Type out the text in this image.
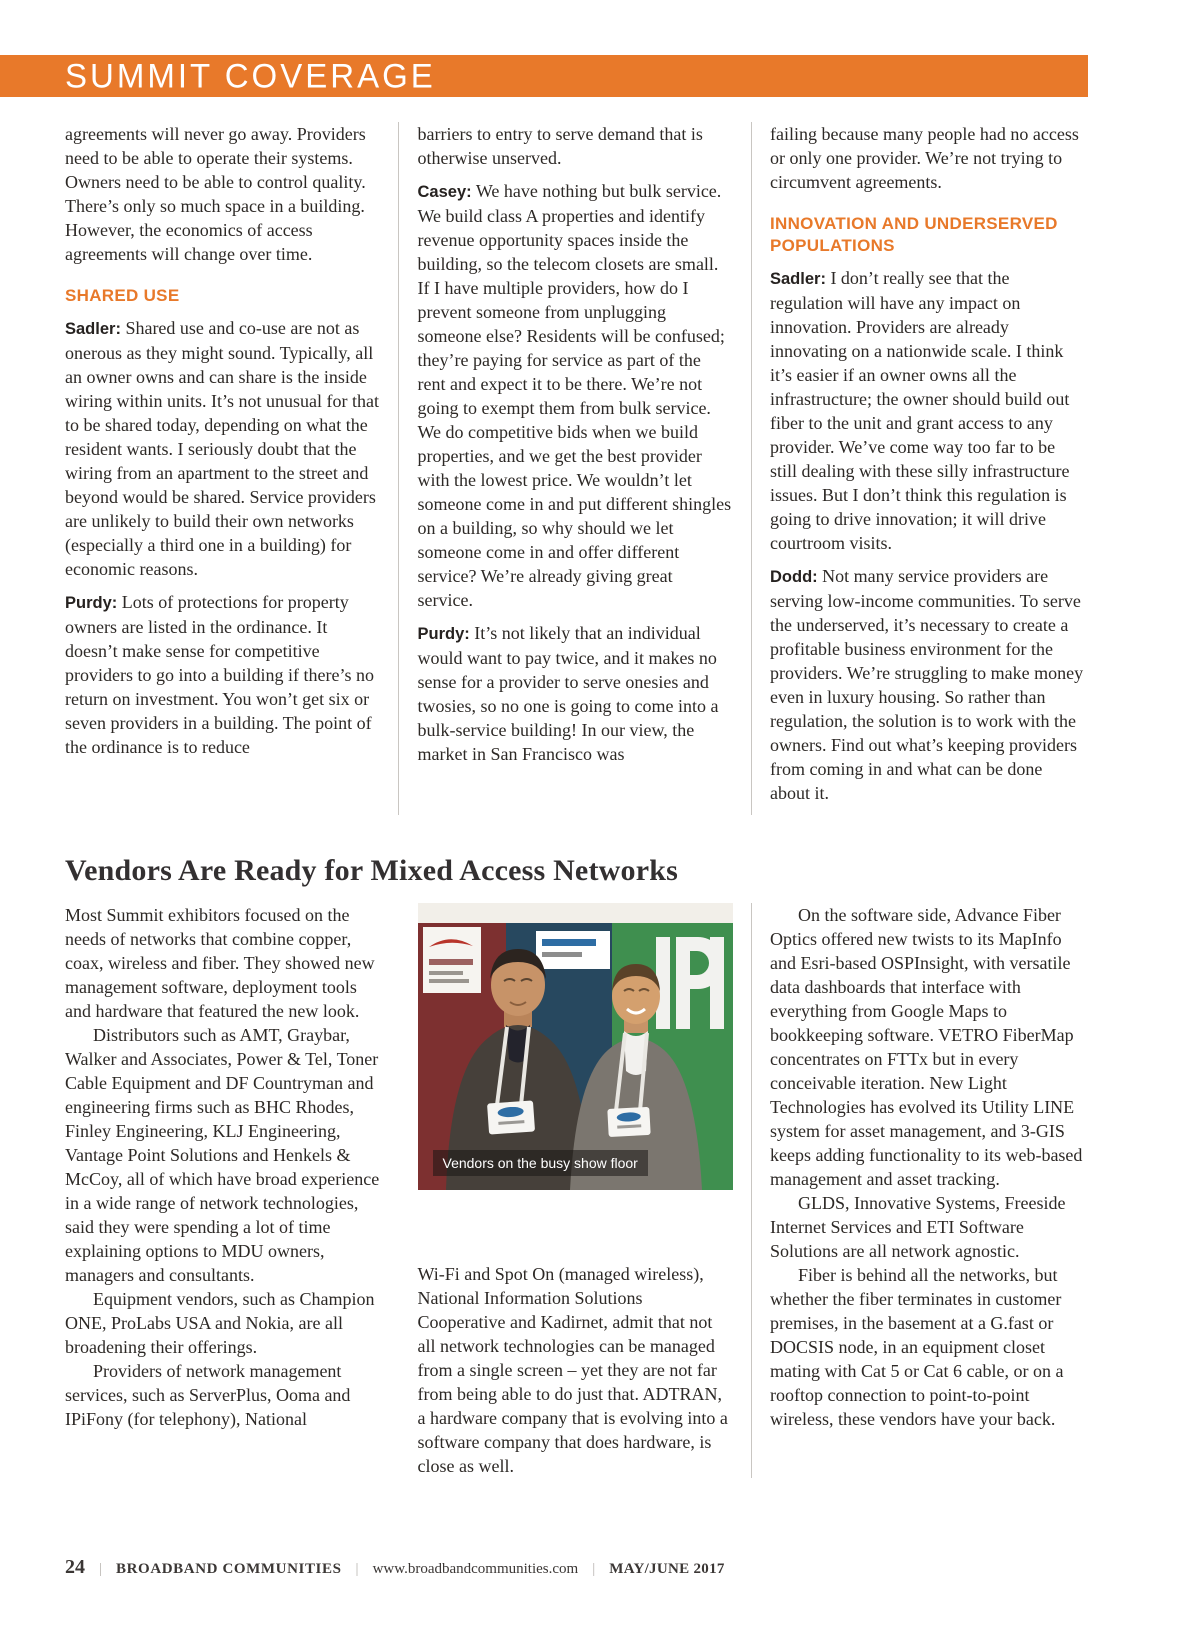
SUMMIT COVERAGE

agreements will never go away. Providers need to be able to operate their systems. Owners need to be able to control quality. There’s only so much space in a building. However, the economics of access agreements will change over time.

SHARED USE

Sadler: Shared use and co-use are not as onerous as they might sound. Typically, all an owner owns and can share is the inside wiring within units. It’s not unusual for that to be shared today, depending on what the resident wants. I seriously doubt that the wiring from an apartment to the street and beyond would be shared. Service providers are unlikely to build their own networks (especially a third one in a building) for economic reasons.

Purdy: Lots of protections for property owners are listed in the ordinance. It doesn’t make sense for competitive providers to go into a building if there’s no return on investment. You won’t get six or seven providers in a building. The point of the ordinance is to reduce

barriers to entry to serve demand that is otherwise unserved.

Casey: We have nothing but bulk service. We build class A properties and identify revenue opportunity spaces inside the building, so the telecom closets are small. If I have multiple providers, how do I prevent someone from unplugging someone else? Residents will be confused; they’re paying for service as part of the rent and expect it to be there. We’re not going to exempt them from bulk service. We do competitive bids when we build properties, and we get the best provider with the lowest price. We wouldn’t let someone come in and put different shingles on a building, so why should we let someone come in and offer different service? We’re already giving great service.

Purdy: It’s not likely that an individual would want to pay twice, and it makes no sense for a provider to serve onesies and twosies, so no one is going to come into a bulk-service building! In our view, the market in San Francisco was

failing because many people had no access or only one provider. We’re not trying to circumvent agreements.

INNOVATION AND UNDERSERVED POPULATIONS

Sadler: I don’t really see that the regulation will have any impact on innovation. Providers are already innovating on a nationwide scale. I think it’s easier if an owner owns all the infrastructure; the owner should build out fiber to the unit and grant access to any provider. We’ve come way too far to be still dealing with these silly infrastructure issues. But I don’t think this regulation is going to drive innovation; it will drive courtroom visits.

Dodd: Not many service providers are serving low-income communities. To serve the underserved, it’s necessary to create a profitable business environment for the providers. We’re struggling to make money even in luxury housing. So rather than regulation, the solution is to work with the owners. Find out what’s keeping providers from coming in and what can be done about it.

Vendors Are Ready for Mixed Access Networks

Most Summit exhibitors focused on the needs of networks that combine copper, coax, wireless and fiber. They showed new management software, deployment tools and hardware that featured the new look.

Distributors such as AMT, Graybar, Walker and Associates, Power & Tel, Toner Cable Equipment and DF Countryman and engineering firms such as BHC Rhodes, Finley Engineering, KLJ Engineering, Vantage Point Solutions and Henkels & McCoy, all of which have broad experience in a wide range of network technologies, said they were spending a lot of time explaining options to MDU owners, managers and consultants.

Equipment vendors, such as Champion ONE, ProLabs USA and Nokia, are all broadening their offerings.

Providers of network management services, such as ServerPlus, Ooma and IPiFony (for telephony), National

Vendors on the busy show floor

Wi-Fi and Spot On (managed wireless), National Information Solutions Cooperative and Kadirnet, admit that not all network technologies can be managed from a single screen – yet they are not far from being able to do just that. ADTRAN, a hardware company that is evolving into a software company that does hardware, is close as well.

On the software side, Advance Fiber Optics offered new twists to its MapInfo and Esri-based OSPInsight, with versatile data dashboards that interface with everything from Google Maps to bookkeeping software. VETRO FiberMap concentrates on FTTx but in every conceivable iteration. New Light Technologies has evolved its Utility LINE system for asset management, and 3-GIS keeps adding functionality to its web-based management and asset tracking.

GLDS, Innovative Systems, Freeside Internet Services and ETI Software Solutions are all network agnostic.

Fiber is behind all the networks, but whether the fiber terminates in customer premises, in the basement at a G.fast or DOCSIS node, in an equipment closet mating with Cat 5 or Cat 6 cable, or on a rooftop connection to point-to-point wireless, these vendors have your back.

24 | BROADBAND COMMUNITIES | www.broadbandcommunities.com | MAY/JUNE 2017
